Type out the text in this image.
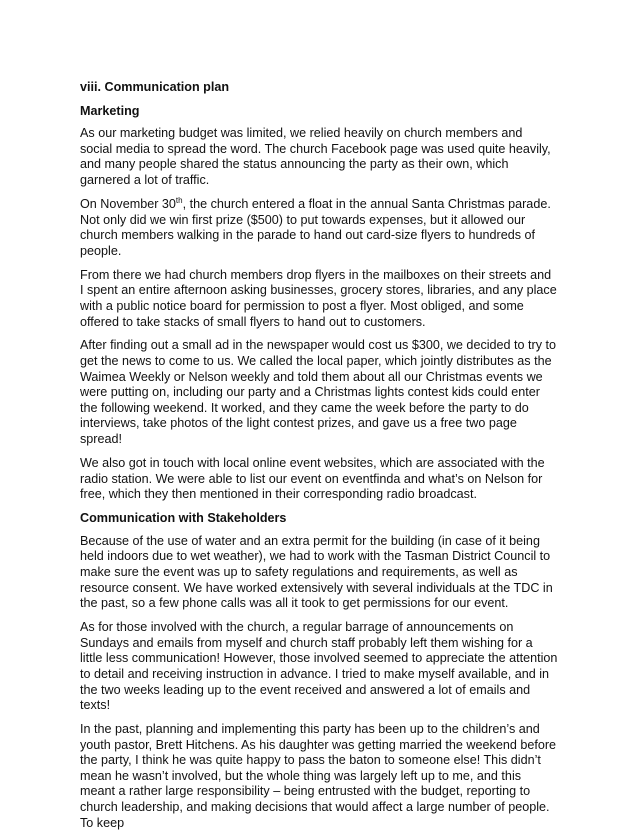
viii. Communication plan
Marketing

As our marketing budget was limited, we relied heavily on church members and social media to spread the word. The church Facebook page was used quite heavily, and many people shared the status announcing the party as their own, which garnered a lot of traffic.

On November 30th, the church entered a float in the annual Santa Christmas parade. Not only did we win first prize ($500) to put towards expenses, but it allowed our church members walking in the parade to hand out card-size flyers to hundreds of people.

From there we had church members drop flyers in the mailboxes on their streets and I spent an entire afternoon asking businesses, grocery stores, libraries, and any place with a public notice board for permission to post a flyer. Most obliged, and some offered to take stacks of small flyers to hand out to customers.

After finding out a small ad in the newspaper would cost us $300, we decided to try to get the news to come to us. We called the local paper, which jointly distributes as the Waimea Weekly or Nelson weekly and told them about all our Christmas events we were putting on, including our party and a Christmas lights contest kids could enter the following weekend. It worked, and they came the week before the party to do interviews, take photos of the light contest prizes, and gave us a free two page spread!

We also got in touch with local online event websites, which are associated with the radio station. We were able to list our event on eventfinda and what’s on Nelson for free, which they then mentioned in their corresponding radio broadcast.

Communication with Stakeholders

Because of the use of water and an extra permit for the building (in case of it being held indoors due to wet weather), we had to work with the Tasman District Council to make sure the event was up to safety regulations and requirements, as well as resource consent. We have worked extensively with several individuals at the TDC in the past, so a few phone calls was all it took to get permissions for our event.

As for those involved with the church, a regular barrage of announcements on Sundays and emails from myself and church staff probably left them wishing for a little less communication! However, those involved seemed to appreciate the attention to detail and receiving instruction in advance. I tried to make myself available, and in the two weeks leading up to the event received and answered a lot of emails and texts!

In the past, planning and implementing this party has been up to the children’s and youth pastor, Brett Hitchens. As his daughter was getting married the weekend before the party, I think he was quite happy to pass the baton to someone else! This didn’t mean he wasn’t involved, but the whole thing was largely left up to me, and this meant a rather large responsibility – being entrusted with the budget, reporting to church leadership, and making decisions that would affect a large number of people. To keep
